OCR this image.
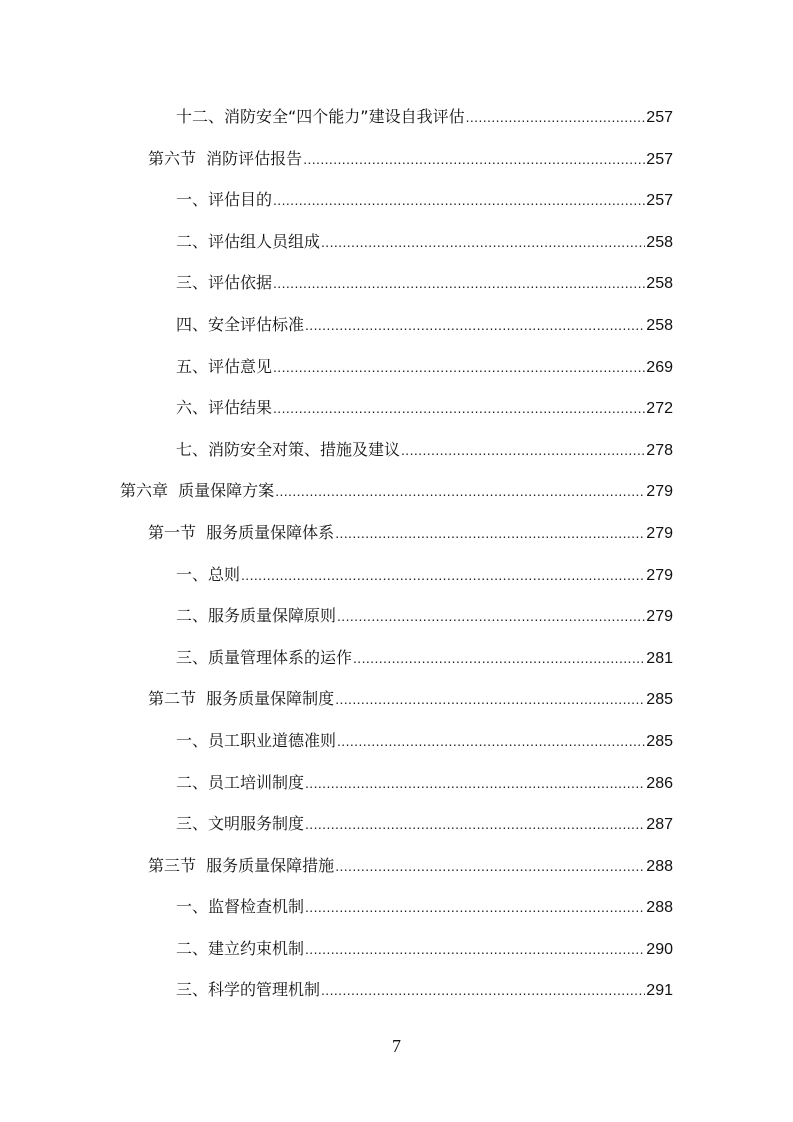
十二、消防安全“四个能力”建设自我评估 .....	257
第六节  消防评估报告 .....	257
一、评估目的 .....	257
二、评估组人员组成 .....	258
三、评估依据 .....	258
四、安全评估标准 .....	258
五、评估意见 .....	269
六、评估结果 .....	272
七、消防安全对策、措施及建议 .....	278
第六章  质量保障方案 .....	279
第一节  服务质量保障体系 .....	279
一、总则 .....	279
二、服务质量保障原则 .....	279
三、质量管理体系的运作 .....	281
第二节  服务质量保障制度 .....	285
一、员工职业道德准则 .....	285
二、员工培训制度 .....	286
三、文明服务制度 .....	287
第三节  服务质量保障措施 .....	288
一、监督检查机制 .....	288
二、建立约束机制 .....	290
三、科学的管理机制 .....	291
7
